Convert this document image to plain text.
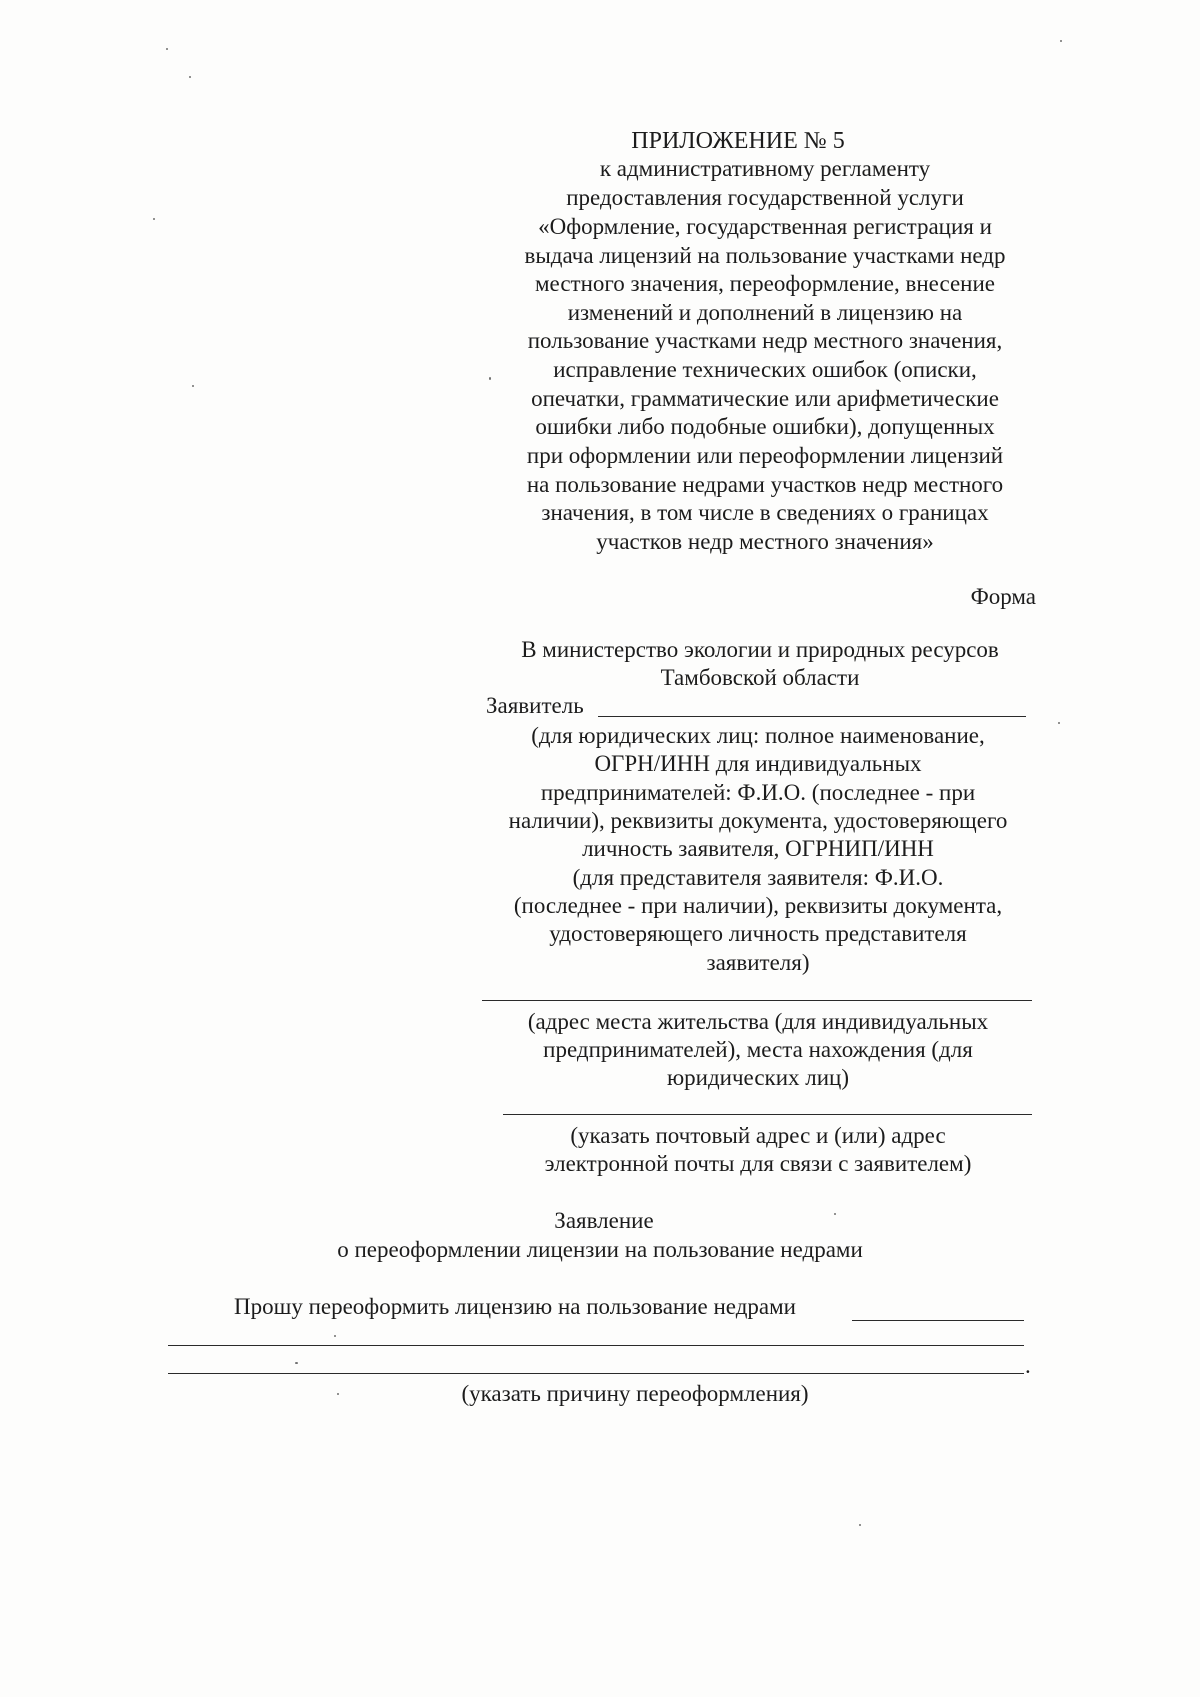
ПРИЛОЖЕНИЕ № 5
к административному регламенту
предоставления государственной услуги
«Оформление, государственная регистрация и
выдача лицензий на пользование участками недр
местного значения, переоформление, внесение
изменений и дополнений в лицензию на
пользование участками недр местного значения,
исправление технических ошибок (описки,
опечатки, грамматические или арифметические
ошибки либо подобные ошибки), допущенных
при оформлении или переоформлении лицензий
на пользование недрами участков недр местного
значения, в том числе в сведениях о границах
участков недр местного значения»
Форма
В министерство экологии и природных ресурсов
Тамбовской области
Заявитель
(для юридических лиц: полное наименование,
ОГРН/ИНН для индивидуальных
предпринимателей: Ф.И.О. (последнее - при
наличии), реквизиты документа, удостоверяющего
личность заявителя, ОГРНИП/ИНН
(для представителя заявителя: Ф.И.О.
(последнее - при наличии), реквизиты документа,
удостоверяющего личность представителя
заявителя)
(адрес места жительства (для индивидуальных
предпринимателей), места нахождения (для
юридических лиц)
(указать почтовый адрес и (или) адрес
электронной почты для связи с заявителем)
Заявление
о переоформлении лицензии на пользование недрами
Прошу переоформить лицензию на пользование недрами
.
(указать причину переоформления)
